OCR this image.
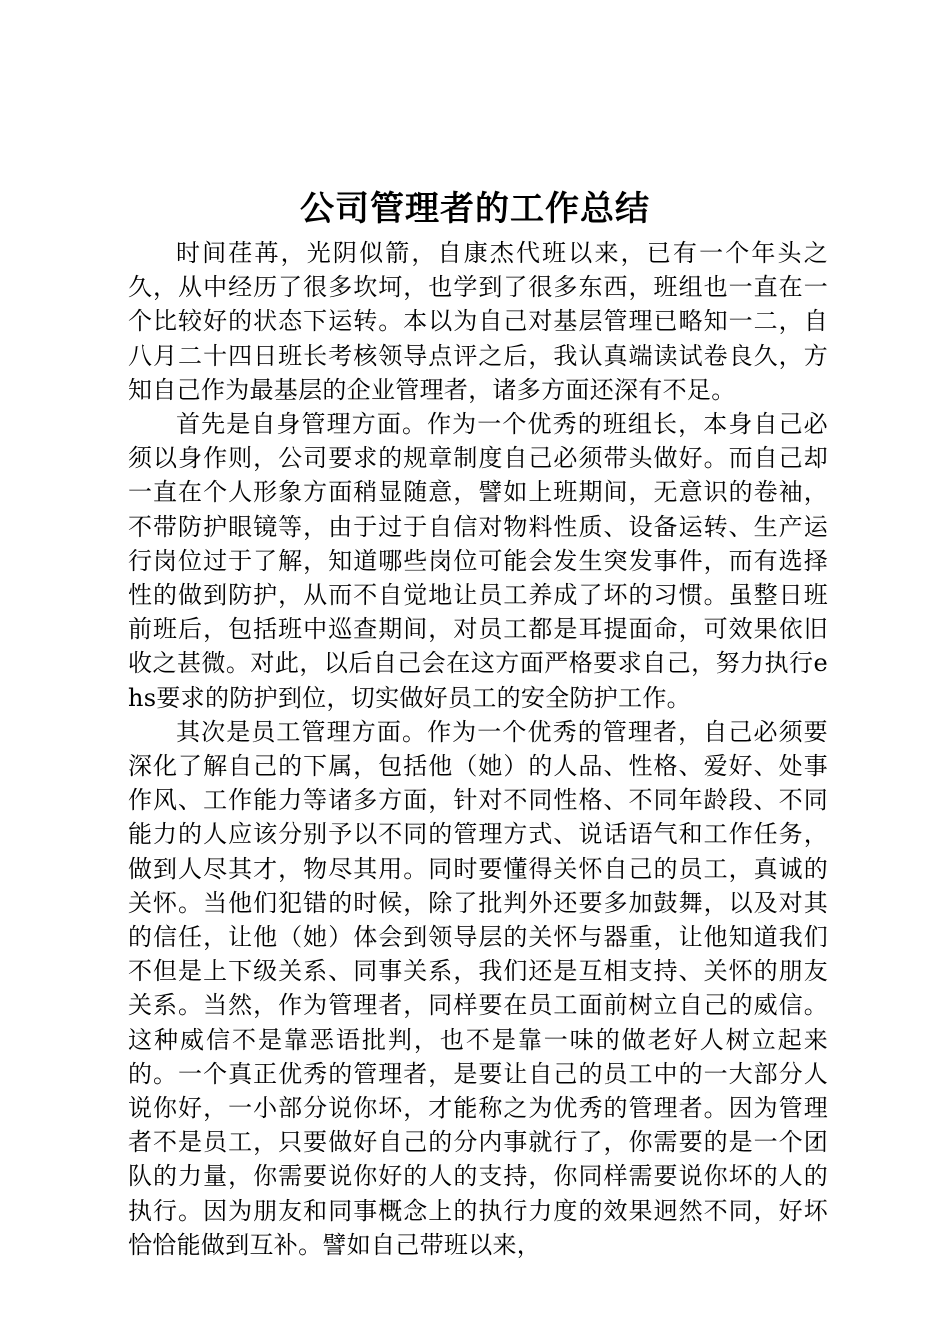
公司管理者的工作总结

时间荏苒，光阴似箭，自康杰代班以来，已有一个年头之久，从中经历了很多坎坷，也学到了很多东西，班组也一直在一个比较好的状态下运转。本以为自己对基层管理已略知一二，自八月二十四日班长考核领导点评之后，我认真端读试卷良久，方知自己作为最基层的企业管理者，诸多方面还深有不足。

首先是自身管理方面。作为一个优秀的班组长，本身自己必须以身作则，公司要求的规章制度自己必须带头做好。而自己却一直在个人形象方面稍显随意，譬如上班期间，无意识的卷袖，不带防护眼镜等，由于过于自信对物料性质、设备运转、生产运行岗位过于了解，知道哪些岗位可能会发生突发事件，而有选择性的做到防护，从而不自觉地让员工养成了坏的习惯。虽整日班前班后，包括班中巡查期间，对员工都是耳提面命，可效果依旧收之甚微。对此，以后自己会在这方面严格要求自己，努力执行ehs要求的防护到位，切实做好员工的安全防护工作。

其次是员工管理方面。作为一个优秀的管理者，自己必须要深化了解自己的下属，包括他（她）的人品、性格、爱好、处事作风、工作能力等诸多方面，针对不同性格、不同年龄段、不同能力的人应该分别予以不同的管理方式、说话语气和工作任务，做到人尽其才，物尽其用。同时要懂得关怀自己的员工，真诚的关怀。当他们犯错的时候，除了批判外还要多加鼓舞，以及对其的信任，让他（她）体会到领导层的关怀与器重，让他知道我们不但是上下级关系、同事关系，我们还是互相支持、关怀的朋友关系。当然，作为管理者，同样要在员工面前树立自己的威信。这种威信不是靠恶语批判，也不是靠一味的做老好人树立起来的。一个真正优秀的管理者，是要让自己的员工中的一大部分人说你好，一小部分说你坏，才能称之为优秀的管理者。因为管理者不是员工，只要做好自己的分内事就行了，你需要的是一个团队的力量，你需要说你好的人的支持，你同样需要说你坏的人的执行。因为朋友和同事概念上的执行力度的效果迥然不同，好坏恰恰能做到互补。譬如自己带班以来，
